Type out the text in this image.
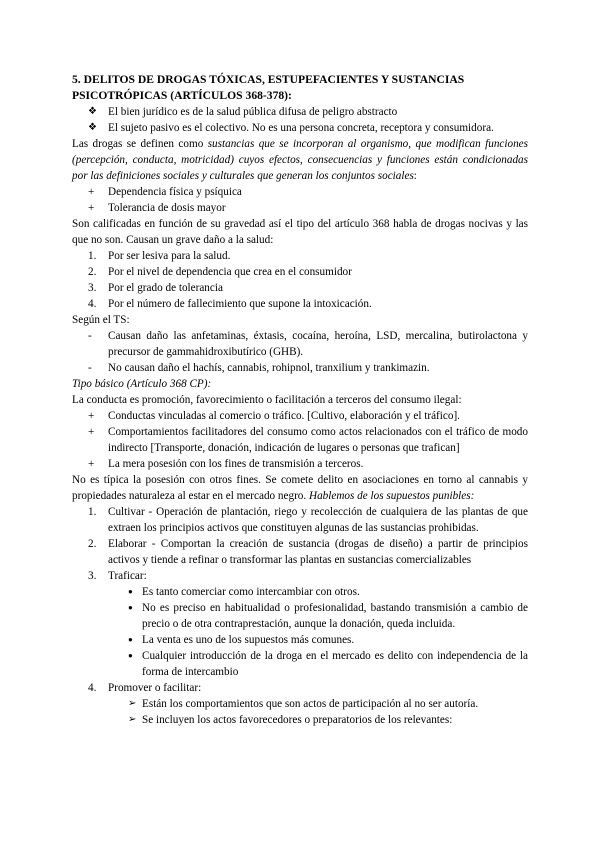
5. DELITOS DE DROGAS TÓXICAS, ESTUPEFACIENTES Y SUSTANCIAS PSICOTRÓPICAS (ARTÍCULOS 368-378):

❖ El bien jurídico es de la salud pública difusa de peligro abstracto
❖ El sujeto pasivo es el colectivo. No es una persona concreta, receptora y consumidora.

Las drogas se definen como sustancias que se incorporan al organismo, que modifican funciones (percepción, conducta, motricidad) cuyos efectos, consecuencias y funciones están condicionadas por las definiciones sociales y culturales que generan los conjuntos sociales:

+	Dependencia física y psíquica
+	Tolerancia de dosis mayor

Son calificadas en función de su gravedad así el tipo del artículo 368 habla de drogas nocivas y las que no son. Causan un grave daño a la salud:

1.	Por ser lesiva para la salud.
2.	Por el nivel de dependencia que crea en el consumidor
3.	Por el grado de tolerancia
4.	Por el número de fallecimiento que supone la intoxicación.

Según el TS:

-	Causan daño las anfetaminas, éxtasis, cocaína, heroína, LSD, mercalina, butirolactona y precursor de gammahidroxibutírico (GHB).
-	No causan daño el hachís, cannabis, rohipnol, tranxilium y trankimazin.

Tipo básico (Artículo 368 CP):

La conducta es promoción, favorecimiento o facilitación a terceros del consumo ilegal:

+	Conductas vinculadas al comercio o tráfico. [Cultivo, elaboración y el tráfico].
+	Comportamientos facilitadores del consumo como actos relacionados con el tráfico de modo indirecto [Transporte, donación, indicación de lugares o personas que trafican]
+	La mera posesión con los fines de transmisión a terceros.

No es típica la posesión con otros fines. Se comete delito en asociaciones en torno al cannabis y propiedades naturaleza al estar en el mercado negro. Hablemos de los supuestos punibles:

1.	Cultivar - Operación de plantación, riego y recolección de cualquiera de las plantas de que extraen los principios activos que constituyen algunas de las sustancias prohibidas.
2.	Elaborar - Comportan la creación de sustancia (drogas de diseño) a partir de principios activos y tiende a refinar o transformar las plantas en sustancias comercializables
3.	Traficar:
● Es tanto comerciar como intercambiar con otros.
● No es preciso en habitualidad o profesionalidad, bastando transmisión a cambio de precio o de otra contraprestación, aunque la donación, queda incluida.
● La venta es uno de los supuestos más comunes.
● Cualquier introducción de la droga en el mercado es delito con independencia de la forma de intercambio
4.	Promover o facilitar:
➢ Están los comportamientos que son actos de participación al no ser autoría.
➢ Se incluyen los actos favorecedores o preparatorios de los relevantes:
